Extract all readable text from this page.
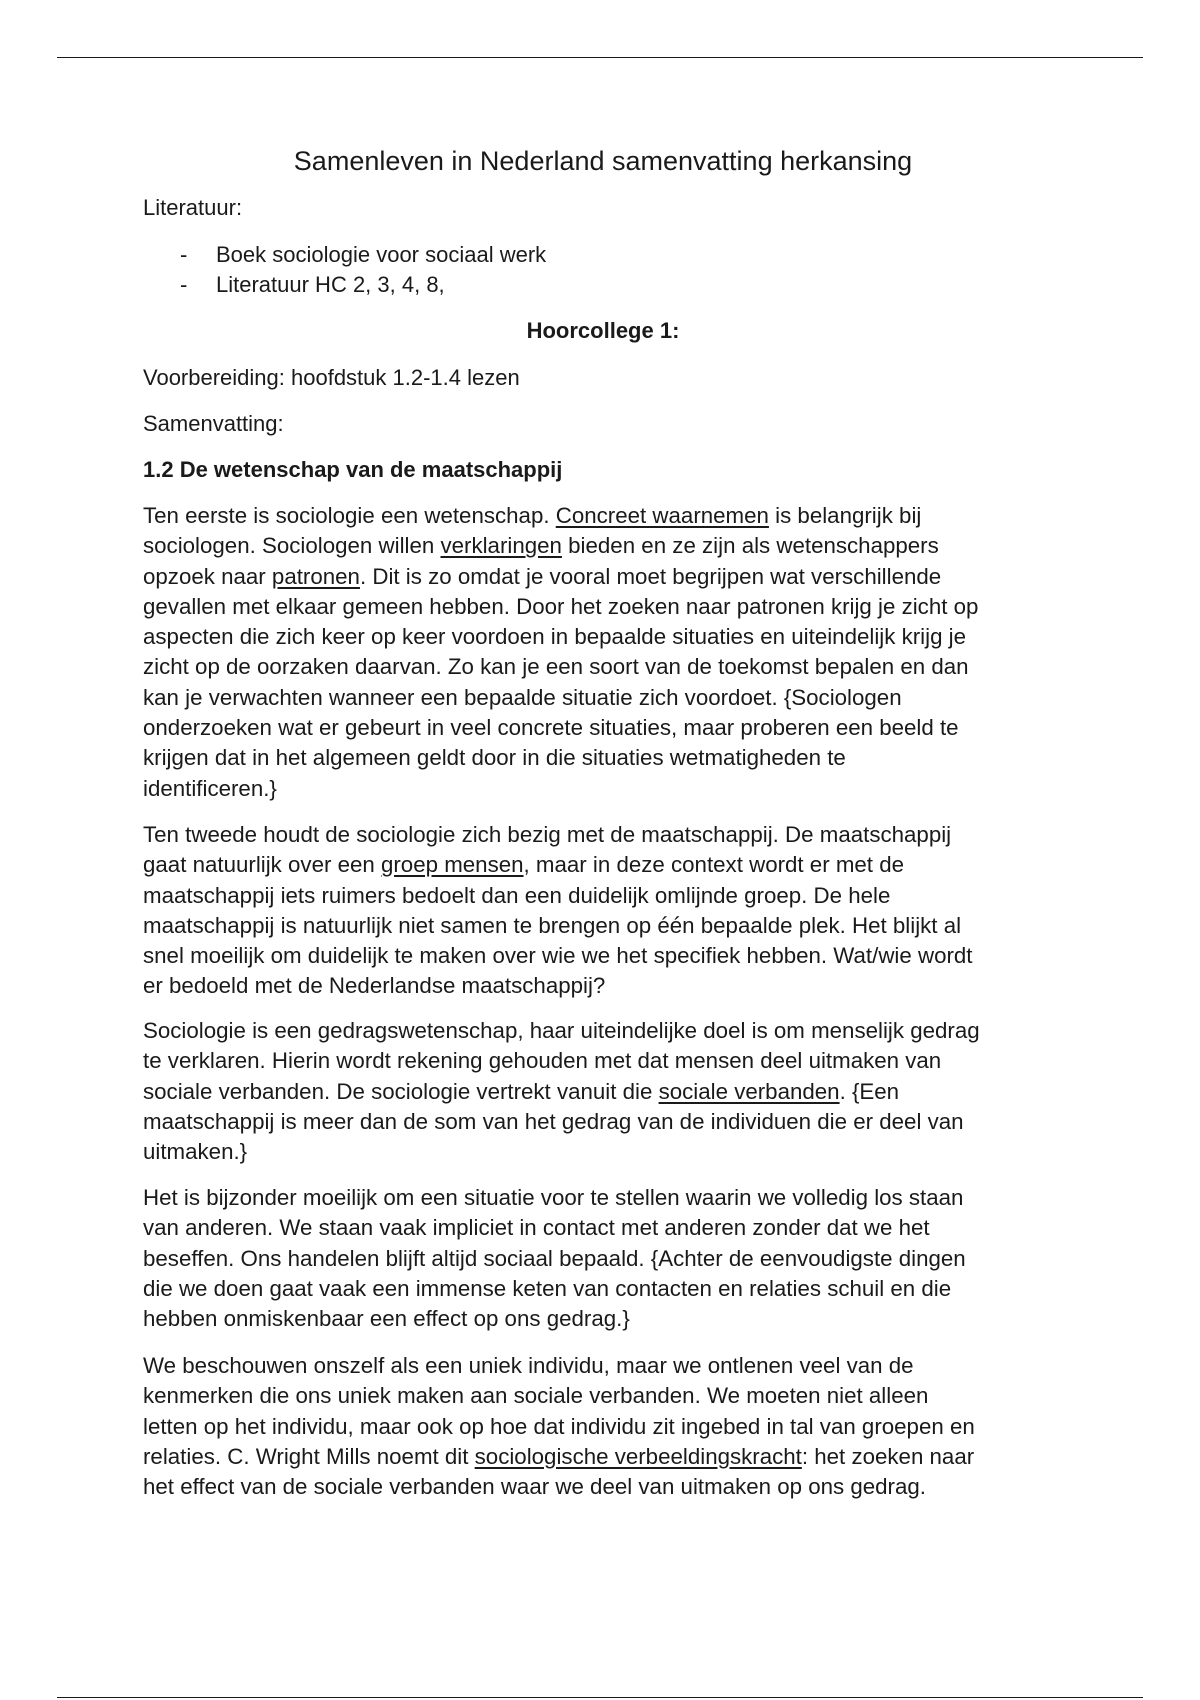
Samenleven in Nederland samenvatting herkansing
Literatuur:
- Boek sociologie voor sociaal werk
- Literatuur HC 2, 3, 4, 8,
Hoorcollege 1:
Voorbereiding: hoofdstuk 1.2-1.4 lezen
Samenvatting:
1.2 De wetenschap van de maatschappij
Ten eerste is sociologie een wetenschap. Concreet waarnemen is belangrijk bij
sociologen. Sociologen willen verklaringen bieden en ze zijn als wetenschappers
opzoek naar patronen. Dit is zo omdat je vooral moet begrijpen wat verschillende
gevallen met elkaar gemeen hebben. Door het zoeken naar patronen krijg je zicht op
aspecten die zich keer op keer voordoen in bepaalde situaties en uiteindelijk krijg je
zicht op de oorzaken daarvan. Zo kan je een soort van de toekomst bepalen en dan
kan je verwachten wanneer een bepaalde situatie zich voordoet. {Sociologen
onderzoeken wat er gebeurt in veel concrete situaties, maar proberen een beeld te
krijgen dat in het algemeen geldt door in die situaties wetmatigheden te
identificeren.}
Ten tweede houdt de sociologie zich bezig met de maatschappij. De maatschappij
gaat natuurlijk over een groep mensen, maar in deze context wordt er met de
maatschappij iets ruimers bedoelt dan een duidelijk omlijnde groep. De hele
maatschappij is natuurlijk niet samen te brengen op één bepaalde plek. Het blijkt al
snel moeilijk om duidelijk te maken over wie we het specifiek hebben. Wat/wie wordt
er bedoeld met de Nederlandse maatschappij?
Sociologie is een gedragswetenschap, haar uiteindelijke doel is om menselijk gedrag
te verklaren. Hierin wordt rekening gehouden met dat mensen deel uitmaken van
sociale verbanden. De sociologie vertrekt vanuit die sociale verbanden. {Een
maatschappij is meer dan de som van het gedrag van de individuen die er deel van
uitmaken.}
Het is bijzonder moeilijk om een situatie voor te stellen waarin we volledig los staan
van anderen. We staan vaak impliciet in contact met anderen zonder dat we het
beseffen. Ons handelen blijft altijd sociaal bepaald. {Achter de eenvoudigste dingen
die we doen gaat vaak een immense keten van contacten en relaties schuil en die
hebben onmiskenbaar een effect op ons gedrag.}
We beschouwen onszelf als een uniek individu, maar we ontlenen veel van de
kenmerken die ons uniek maken aan sociale verbanden. We moeten niet alleen
letten op het individu, maar ook op hoe dat individu zit ingebed in tal van groepen en
relaties. C. Wright Mills noemt dit sociologische verbeeldingskracht: het zoeken naar
het effect van de sociale verbanden waar we deel van uitmaken op ons gedrag.
